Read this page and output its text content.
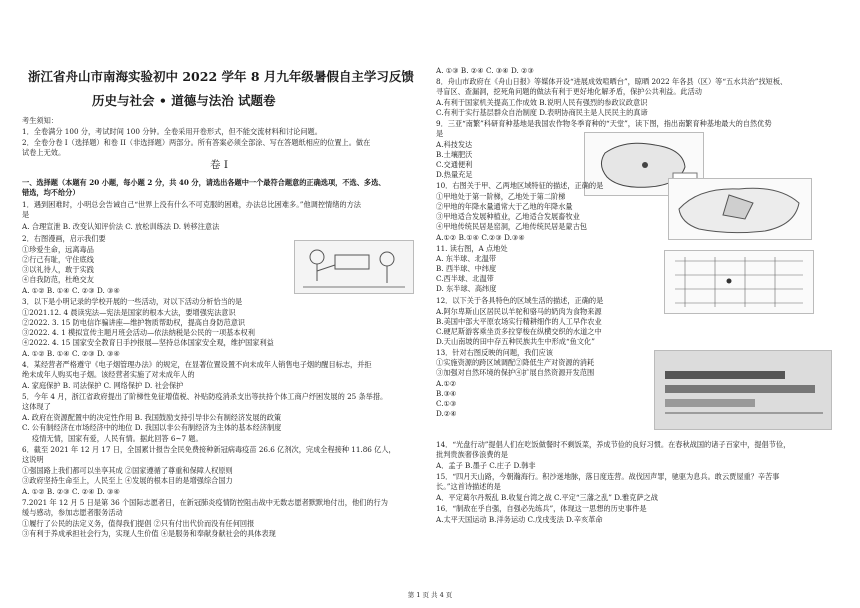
浙江省舟山市南海实验初中 2022 学年 8 月九年级暑假自主学习反馈
历史与社会 • 道德与法治 试题卷
考生须知：
1．全卷满分 100 分，考试时间 100 分钟。全卷采用开卷形式，但不能交流材料和讨论问题。
2．全卷分卷 I（选择题）和卷 II（非选择题）两部分。所有答案必须全部涂、写在答题纸相应的位置上。做在
试卷上无效。
卷 I
一、选择题（本题有 20 小题，每小题 2 分，共 40 分，请选出各题中一个最符合题意的正确选项，不选、多选、
错选，均不给分）
1．遇到困难时，小明总会告诫自己“世界上没有什么不可克服的困难，办法总比困难多。”他调控情绪的方法
是
A. 合理宣泄 B. 改变认知评价法 C. 放松训练法 D. 转移注意法
2．右图漫画，启示我们要
①珍爱生命，远离毒品
②行己有耻，守住底线
③以礼待人，敢于实践
④自我防范，杜绝交友
A. ①② B. ①④ C. ②③ D. ③④
3．以下是小明记录的学校开展的一些活动，对以下活动分析恰当的是
①2021.12. 4 晨读宪法—宪法是国家的根本大法，要增强宪法意识
②2022. 3. 15 防电信诈骗讲座—维护物质帮助权，提高自身防范意识
③2022. 4. 1 模拟宣传主题月班会活动—依法纳税是公民的一项基本权利
④2022. 4. 15 国家安全教育日手抄报展—坚持总体国家安全观，维护国家利益
A. ①② B. ①④ C. ②③ D. ③④
4．某经营者严格遵守《电子烟管理办法》的规定，在显著位置设置不向未成年人销售电子烟的醒目标志，并拒
绝未成年人购买电子烟。该经营者实施了对未成年人的
A. 家庭保护 B. 司法保护 C. 网络保护 D. 社会保护
5．今年 4 月，浙江省政府提出了阶梯性免征增值税、补贴防疫消杀支出等扶持个体工商户纾困发展的 25 条举措。
这体现了
A. 政府在资源配置中的决定性作用 B. 我国鼓励支持引导非公有制经济发展的政策
C. 公有制经济在市场经济中的地位 D. 我国以非公有制经济为主体的基本经济制度
疫情无情，国家有爱，人民有情。据此回答 6~7 题。
6．截至 2021 年 12 月 17 日，全国累计报告全民免费接种新冠病毒疫苗 26.6 亿剂次，完成全程接种 11.86 亿人，
这说明
①强国路上我们都可以坐享其成 ②国家遵循了尊重和保障人权原则
③政府坚持生命至上，人民至上 ④发展的根本目的是增强综合国力
A. ①② B. ②③ C. ②④ D. ③④
7.2021 年 12 月 5 日是第 36 个国际志愿者日，在新冠肺炎疫情防控阻击战中无数志愿者默默地付出，他们的行为
缓与感动，参加志愿者服务活动
①履行了公民的法定义务，值得我们提倡 ②只有付出代价而没有任何回报
③有利于养成承担社会行为，实现人生价值 ④是服务和奉献身献社会的具体表现
A. ①③ B. ②④ C. ③④ D. ②③
8．舟山市政府在《舟山日报》等媒体开设“进展成效喧晒台”，晾晒 2022 年各县（区）等“五水共治”找短板、
寻盲区、查漏洞，挖死角问题的做法有利于更好地化解矛盾，保护公共利益。此活动
A.有利于国家机关提高工作成效 B.说明人民有强烈的参政议政意识
C.有利于实行基层群众自治制度 D.表明协商民主是人民民主的真谛
9．三亚“南繁”科研育种基地是我国农作物冬季育种的“天堂”，读下图，指出南繁育种基地最大的自然优势
是
A.科技发达
B.土壤肥沃
C.交通便利
D.热量充足
10．右图关于甲、乙两地区域特征的描述，正确的是
①甲地处于第一阶梯，乙地处于第二阶梯
②甲地的年降水量通常大于乙地的年降水量
③甲地适合发展种植业，乙地适合发展畜牧业
④甲地传统民居是窑洞，乙地传统民居是蒙古包
A.①② B.①④ C.②③ D.③④
11. 读右图，A 点地处
A. 东半球、北温带
B. 西半球、中纬度
C.西半球、北温带
D. 东半球、高纬度
12．以下关于各具特色的区域生活的描述，正确的是
A.阿尔卑斯山区居民以羊驼和骆马的奶肉为食物来源
B.美国中部大平原农场实行精耕细作的人工早作农业
C.硬尼斯游客乘坐贡多拉穿梭在纵横交织的水道之中
D.天山南坡的田中存五种民族共生中形成“鱼文化”
13．针对右图反映的问题，我们应该
①实施资源的跨区域调配②降低生产对资源的消耗
③加强对自然环境的保护④扩展自然资源开发范围
A.①②
B.③④
C.①③
D.②④
14．“光盘行动”提倡人们在吃饭做餐时不剩饭菜，养成节俭的良好习惯。在春秋战国的诸子百家中，提倡节俭，
批判贵族奢侈浪费的是
A．孟子 B.墨子 C.庄子 D.韩非
15．“四月天山路，今朝瀚海行。积沙迷地脉，落日度连营。战伐因声罪，驰驱为息兵。敢云贾屋重？辛苦事
长。”这首诗描述的是
A．平定葛尔丹叛乱 B.收复台湾之战 C.平定“三藩之乱” D.雅克萨之战
16．“制敌在乎自强，自强必先练兵”，体现这一思想的历史事件是
A.太平天国运动 B.洋务运动 C.戊戌变法 D.辛亥革命
第 1 页 共 4 页
